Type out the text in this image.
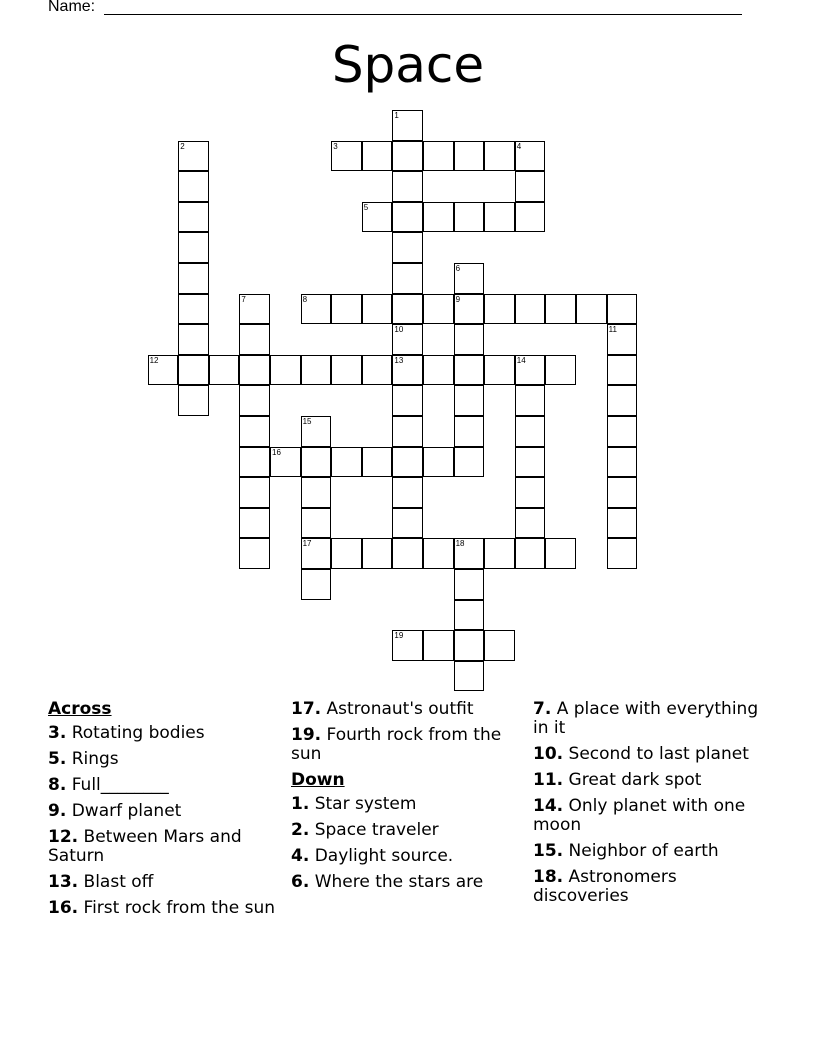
Name:
Space
1
2	3	4
5
6
9
7	8
10
13
11
12	14
15
17
16
18
19
Across
3. Rotating bodies
5. Rings
8. Full________
9. Dwarf planet
12. Between Mars and Saturn
13. Blast off
16. First rock from the sun
17. Astronaut's outfit
19. Fourth rock from the sun
Down
1. Star system
2. Space traveler
4. Daylight source.
6. Where the stars are
7. A place with everything in it
10. Second to last planet
11. Great dark spot
14. Only planet with one moon
15. Neighbor of earth
18. Astronomers discoveries
